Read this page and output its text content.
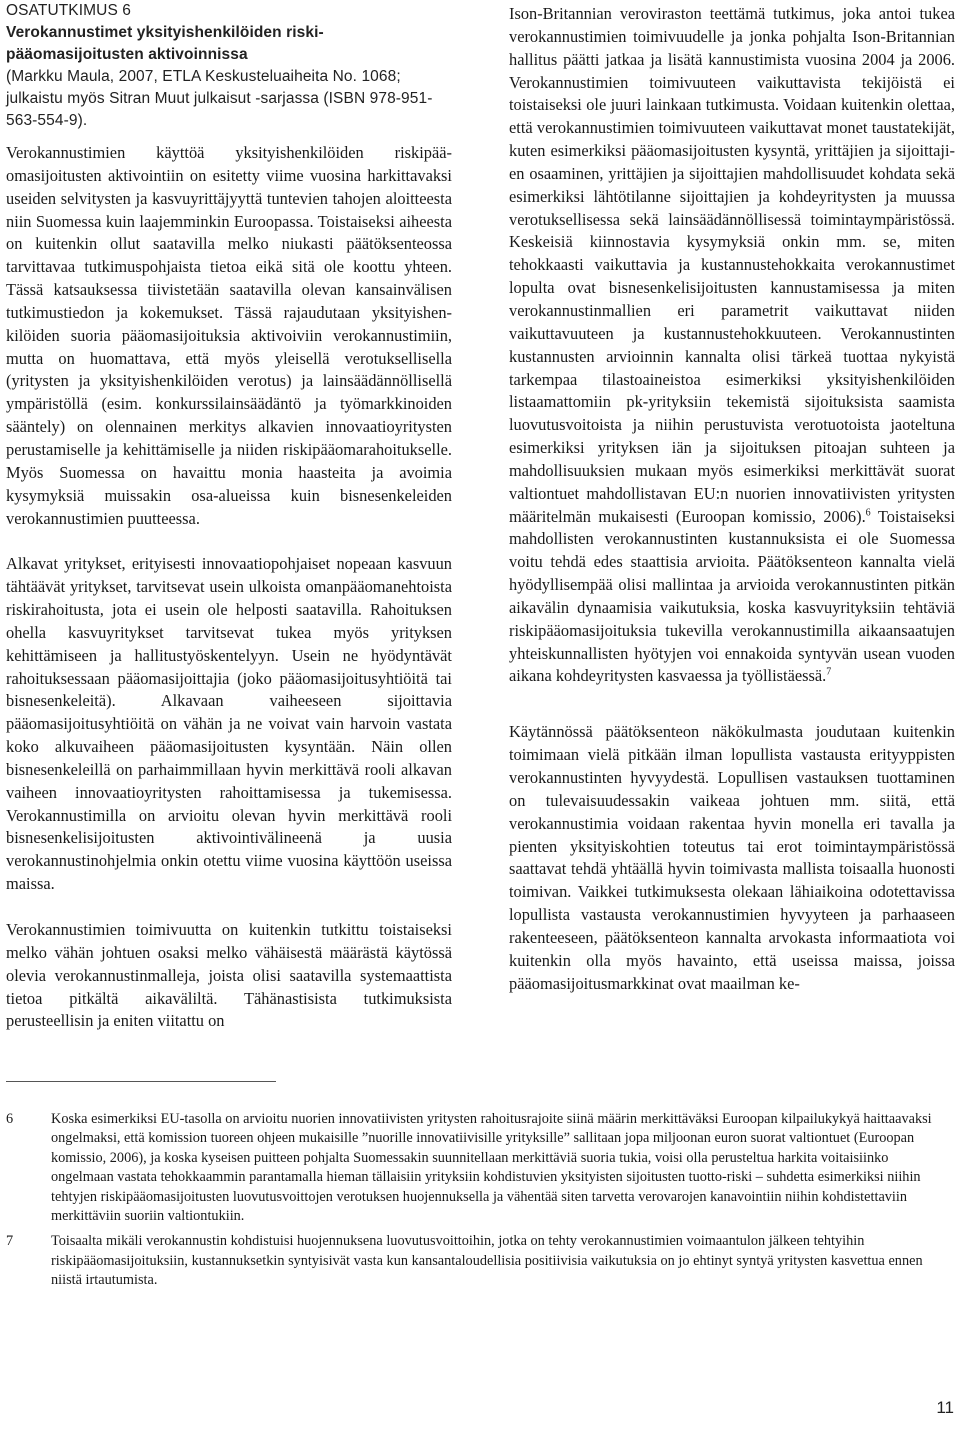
OSATUTKIMUS 6
Verokannustimet yksityishenkilöiden riskipääomasijoitusten aktivoinnissa
(Markku Maula, 2007, ETLA Keskusteluaiheita No. 1068; julkaistu myös Sitran Muut julkaisut -sarjassa (ISBN 978-951-563-554-9).

Verokannustimien käyttöä yksityishenkilöiden riskipääomasijoitusten aktivointiin on esitetty viime vuosina harkittavaksi useiden selvitysten ja kasvuyrittäjyyttä tuntevien tahojen aloitteesta niin Suomessa kuin laajemminkin Euroopassa. Toistaiseksi aiheesta on kuitenkin ollut saatavilla melko niukasti päätöksenteossa tarvittavaa tutkimuspohjaista tietoa eikä sitä ole koottu yhteen. Tässä katsauksessa tiivistetään saatavilla olevan kansainvälisen tutkimustiedon ja kokemukset. Tässä rajaudutaan yksityishenkilöiden suoria pääomasijoituksia aktivoiviin verokannustimiin, mutta on huomattava, että myös yleisellä verotuksellisella (yritysten ja yksityishenkilöiden verotus) ja lainsäädännöllisellä ympäristöllä (esim. konkurssilainsäädäntö ja työmarkkinoiden sääntely) on olennainen merkitys alkavien innovaatioyritysten perustamiselle ja kehittämiselle ja niiden riskipääomarahoitukselle. Myös Suomessa on havaittu monia haasteita ja avoimia kysymyksiä muissakin osa-alueissa kuin bisnesenkeleiden verokannustimien puutteessa.

Alkavat yritykset, erityisesti innovaatiopohjaiset nopeaan kasvuun tähtäävät yritykset, tarvitsevat usein ulkoista omanpääomanehtoista riskirahoitusta, jota ei usein ole helposti saatavilla. Rahoituksen ohella kasvuyritykset tarvitsevat tukea myös yrityksen kehittämiseen ja hallitustyöskentelyyn. Usein ne hyödyntävät rahoituksessaan pääomasijoittajia (joko pääomasijoitusyhtiöitä tai bisnesenkeleitä). Alkavaan vaiheeseen sijoittavia pääomasijoitusyhtiöitä on vähän ja ne voivat vain harvoin vastata koko alkuvaiheen pääomasijoitusten kysyntään. Näin ollen bisnesenkeleillä on parhaimmillaan hyvin merkittävä rooli alkavan vaiheen innovaatioyritysten rahoittamisessa ja tukemisessa. Verokannustimilla on arvioitu olevan hyvin merkittävä rooli bisnesenkelisijoitusten aktivointivälineenä ja uusia verokannustinohjelmia onkin otettu viime vuosina käyttöön useissa maissa.

Verokannustimien toimivuutta on kuitenkin tutkittu toistaiseksi melko vähän johtuen osaksi melko vähäisestä määrästä käytössä olevia verokannustinmalleja, joista olisi saatavilla systemaattista tietoa pitkältä aikaväliltä. Tähänastisista tutkimuksista perusteellisin ja eniten viitattu on

Ison-Britannian veroviraston teettämä tutkimus, joka antoi tukea verokannustimien toimivuudelle ja jonka pohjalta Ison-Britannian hallitus päätti jatkaa ja lisätä kannustimista vuosina 2004 ja 2006. Verokannustimien toimivuuteen vaikuttavista tekijöistä ei toistaiseksi ole juuri lainkaan tutkimusta. Voidaan kuitenkin olettaa, että verokannustimien toimivuuteen vaikuttavat monet taustatekijät, kuten esimerkiksi pääomasijoitusten kysyntä, yrittäjien ja sijoittajien osaaminen, yrittäjien ja sijoittajien mahdollisuudet kohdata sekä esimerkiksi lähtötilanne sijoittajien ja kohdeyritysten ja muussa verotuksellisessa sekä lainsäädännöllisessä toimintaympäristössä. Keskeisiä kiinnostavia kysymyksiä onkin mm. se, miten tehokkaasti vaikuttavia ja kustannustehokkaita verokannustimet lopulta ovat bisnesenkelisijoitusten kannustamisessa ja miten verokannustinmallien eri parametrit vaikuttavat niiden vaikuttavuuteen ja kustannustehokkuuteen. Verokannustinten kustannusten arvioinnin kannalta olisi tärkeä tuottaa nykyistä tarkempaa tilastoaineistoa esimerkiksi yksityishenkilöiden listaamattomiin pk-yrityksiin tekemistä sijoituksista saamista luovutusvoitoista ja niihin perustuvista verotuotoista jaoteltuna esimerkiksi yrityksen iän ja sijoituksen pitoajan suhteen ja mahdollisuuksien mukaan myös esimerkiksi merkittävät suorat valtiontuet mahdollistavan EU:n nuorien innovatiivisten yritysten määritelmän mukaisesti (Euroopan komissio, 2006).$^6$ Toistaiseksi mahdollisten verokannustinten kustannuksista ei ole Suomessa voitu tehdä edes staattisia arvioita. Päätöksenteon kannalta vielä hyödyllisempää olisi mallintaa ja arvioida verokannustinten pitkän aikavälin dynaamisia vaikutuksia, koska kasvuyrityksiin tehtäviä riskipääomasijoituksia tukevilla verokannustimilla aikaansaatujen yhteiskunnallisten hyötyjen voi ennakoida syntyvän usean vuoden aikana kohdeyritysten kasvaessa ja työllistäessä.$^7$

Käytännössä päätöksenteon näkökulmasta joudutaan kuitenkin toimimaan vielä pitkään ilman lopullista vastausta erityyppisten verokannustinten hyvyydestä. Lopullisen vastauksen tuottaminen on tulevaisuudessakin vaikeaa johtuen mm. siitä, että verokannustimia voidaan rakentaa hyvin monella eri tavalla ja pienten yksityiskohtien toteutus tai erot toimintaympäristössä saattavat tehdä yhtäällä hyvin toimivasta mallista toisaalla huonosti toimivan. Vaikkei tutkimuksesta olekaan lähiaikoina odotettavissa lopullista vastausta verokannustimien hyvyyteen ja parhaaseen rakenteeseen, päätöksenteon kannalta arvokasta informaatiota voi kuitenkin olla myös havainto, että useissa maissa, joissa pääomasijoitusmarkkinat ovat maailman ke-

6	Koska esimerkiksi EU-tasolla on arvioitu nuorien innovatiivisten yritysten rahoitusrajoite siinä määrin merkittäväksi Euroopan kilpailukykyä haittaavaksi ongelmaksi, että komission tuoreen ohjeen mukaisille ”nuorille innovatiivisille yrityksille” sallitaan jopa miljoonan euron suorat valtiontuet (Euroopan komissio, 2006), ja koska kyseisen puitteen pohjalta Suomessakin suunnitellaan merkittäviä suoria tukia, voisi olla perusteltua harkita voitaisiinko ongelmaan vastata tehokkaammin parantamalla hieman tällaisiin yrityksiin kohdistuvien yksityisten sijoitusten tuotto-riski – suhdetta esimerkiksi niihin tehtyjen riskipääomasijoitusten luovutusvoittojen verotuksen huojennuksella ja vähentää siten tarvetta verovarojen kanavointiin niihin kohdistettaviin merkittäviin suoriin valtiontukiin.
7	Toisaalta mikäli verokannustin kohdistuisi huojennuksena luovutusvoittoihin, jotka on tehty verokannustimien voimaantulon jälkeen tehtyihin riskipääomasijoituksiin, kustannuksetkin syntyisivät vasta kun kansantaloudellisia positiivisia vaikutuksia on jo ehtinyt syntyä yritysten kasvettua ennen niistä irtautumista.
11
